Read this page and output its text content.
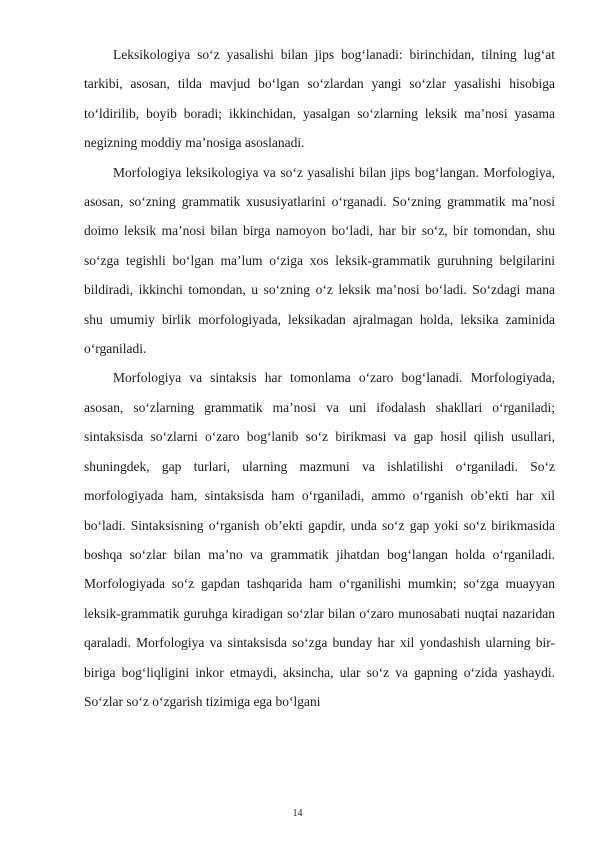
Leksikologiya so‘z yasalishi bilan jips bog‘lanadi: birinchidan, tilning lug‘at tarkibi, asosan, tilda mavjud bo‘lgan so‘zlardan yangi so‘zlar yasalishi hisobiga to‘ldirilib, boyib boradi; ikkinchidan, yasalgan so‘zlarning leksik ma’nosi yasama negizning moddiy ma’nosiga asoslanadi.

Morfologiya leksikologiya va so‘z yasalishi bilan jips bog‘langan. Morfologiya, asosan, so‘zning grammatik xususiyatlarini o‘rganadi. So‘zning grammatik ma’nosi doimo leksik ma’nosi bilan birga namoyon bo‘ladi, har bir so‘z, bir tomondan, shu so‘zga tegishli bo‘lgan ma’lum o‘ziga xos leksik-grammatik guruhning belgilarini bildiradi, ikkinchi tomondan, u so‘zning o‘z leksik ma’nosi bo‘ladi. So‘zdagi mana shu umumiy birlik morfologiyada, leksikadan ajralmagan holda, leksika zaminida o‘rganiladi.

Morfologiya va sintaksis har tomonlama o‘zaro bog‘lanadi. Morfologiyada, asosan, so‘zlarning grammatik ma’nosi va uni ifodalash shakllari o‘rganiladi; sintaksisda so‘zlarni o‘zaro bog‘lanib so‘z birikmasi va gap hosil qilish usullari, shuningdek, gap turlari, ularning mazmuni va ishlatilishi o‘rganiladi. So‘z morfologiyada ham, sintaksisda ham o‘rganiladi, ammo o‘rganish ob’ekti har xil bo‘ladi. Sintaksisning o‘rganish ob’ekti gapdir, unda so‘z gap yoki so‘z birikmasida boshqa so‘zlar bilan ma’no va grammatik jihatdan bog‘langan holda o‘rganiladi. Morfologiyada so‘z gapdan tashqarida ham o‘rganilishi mumkin; so‘zga muayyan leksik-grammatik guruhga kiradigan so‘zlar bilan o‘zaro munosabati nuqtai nazaridan qaraladi. Morfologiya va sintaksisda so‘zga bunday har xil yondashish ularning bir-biriga bog‘liqligini inkor etmaydi, aksincha, ular so‘z va gapning o‘zida yashaydi. So‘zlar so‘z o‘zgarish tizimiga ega bo‘lgani

14
